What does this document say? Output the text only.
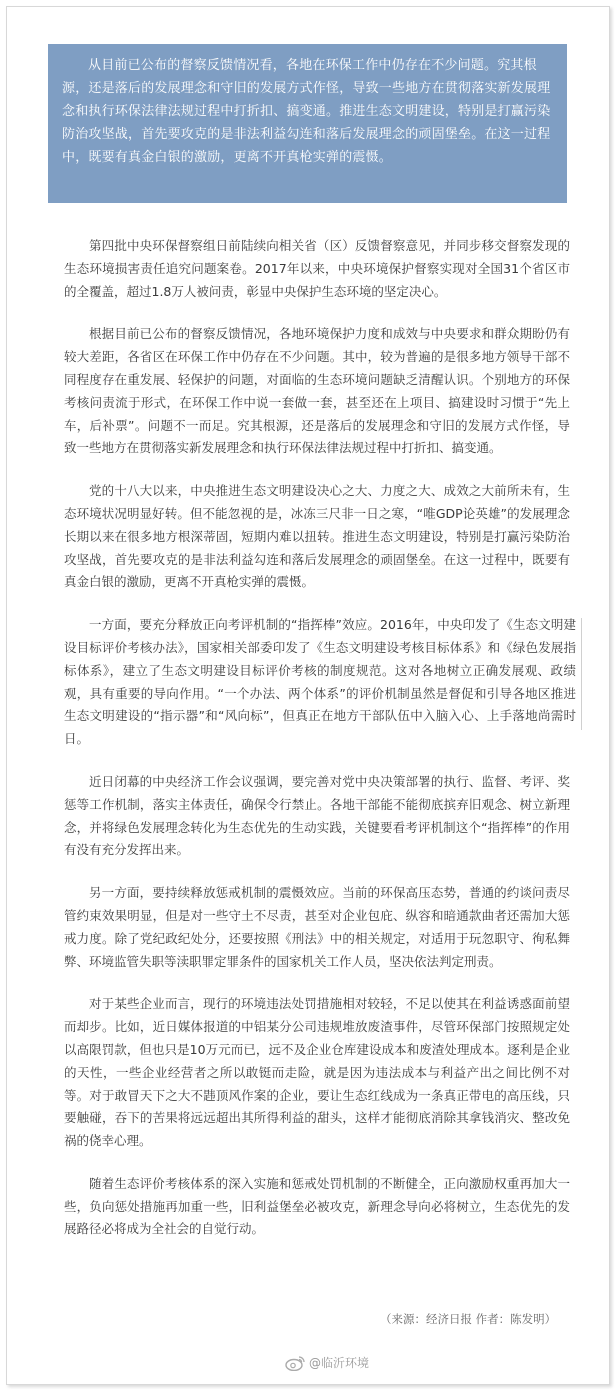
从目前已公布的督察反馈情况看，各地在环保工作中仍存在不少问题。究其根源，还是落后的发展理念和守旧的发展方式作怪，导致一些地方在贯彻落实新发展理念和执行环保法律法规过程中打折扣、搞变通。推进生态文明建设，特别是打赢污染防治攻坚战，首先要攻克的是非法利益勾连和落后发展理念的顽固堡垒。在这一过程中，既要有真金白银的激励，更离不开真枪实弹的震慑。

第四批中央环保督察组日前陆续向相关省（区）反馈督察意见，并同步移交督察发现的生态环境损害责任追究问题案卷。2017年以来，中央环境保护督察实现对全国31个省区市的全覆盖，超过1.8万人被问责，彰显中央保护生态环境的坚定决心。

根据目前已公布的督察反馈情况，各地环境保护力度和成效与中央要求和群众期盼仍有较大差距，各省区在环保工作中仍存在不少问题。其中，较为普遍的是很多地方领导干部不同程度存在重发展、轻保护的问题，对面临的生态环境问题缺乏清醒认识。个别地方的环保考核问责流于形式，在环保工作中说一套做一套，甚至还在上项目、搞建设时习惯于“先上车，后补票”。问题不一而足。究其根源，还是落后的发展理念和守旧的发展方式作怪，导致一些地方在贯彻落实新发展理念和执行环保法律法规过程中打折扣、搞变通。

党的十八大以来，中央推进生态文明建设决心之大、力度之大、成效之大前所未有，生态环境状况明显好转。但不能忽视的是，冰冻三尺非一日之寒，“唯GDP论英雄”的发展理念长期以来在很多地方根深蒂固，短期内难以扭转。推进生态文明建设，特别是打赢污染防治攻坚战，首先要攻克的是非法利益勾连和落后发展理念的顽固堡垒。在这一过程中，既要有真金白银的激励，更离不开真枪实弹的震慑。

一方面，要充分释放正向考评机制的“指挥棒”效应。2016年，中央印发了《生态文明建设目标评价考核办法》，国家相关部委印发了《生态文明建设考核目标体系》和《绿色发展指标体系》，建立了生态文明建设目标评价考核的制度规范。这对各地树立正确发展观、政绩观，具有重要的导向作用。“一个办法、两个体系”的评价机制虽然是督促和引导各地区推进生态文明建设的“指示器”和“风向标”，但真正在地方干部队伍中入脑入心、上手落地尚需时日。

近日闭幕的中央经济工作会议强调，要完善对党中央决策部署的执行、监督、考评、奖惩等工作机制，落实主体责任，确保令行禁止。各地干部能不能彻底摈弃旧观念、树立新理念，并将绿色发展理念转化为生态优先的生动实践，关键要看考评机制这个“指挥棒”的作用有没有充分发挥出来。

另一方面，要持续释放惩戒机制的震慑效应。当前的环保高压态势，普通的约谈问责尽管约束效果明显，但是对一些守土不尽责，甚至对企业包庇、纵容和暗通款曲者还需加大惩戒力度。除了党纪政纪处分，还要按照《刑法》中的相关规定，对适用于玩忽职守、徇私舞弊、环境监管失职等渎职罪定罪条件的国家机关工作人员，坚决依法判定刑责。

对于某些企业而言，现行的环境违法处罚措施相对较轻，不足以使其在利益诱惑面前望而却步。比如，近日媒体报道的中铝某分公司违规堆放废渣事件，尽管环保部门按照规定处以高限罚款，但也只是10万元而已，远不及企业仓库建设成本和废渣处理成本。逐利是企业的天性，一些企业经营者之所以敢铤而走险，就是因为违法成本与利益产出之间比例不对等。对于敢冒天下之大不韪顶风作案的企业，要让生态红线成为一条真正带电的高压线，只要触碰，吞下的苦果将远远超出其所得利益的甜头，这样才能彻底消除其拿钱消灾、整改免祸的侥幸心理。

随着生态评价考核体系的深入实施和惩戒处罚机制的不断健全，正向激励权重再加大一些，负向惩处措施再加重一些，旧利益堡垒必被攻克，新理念导向必将树立，生态优先的发展路径必将成为全社会的自觉行动。

（来源：经济日报 作者：陈发明）
@临沂环境
